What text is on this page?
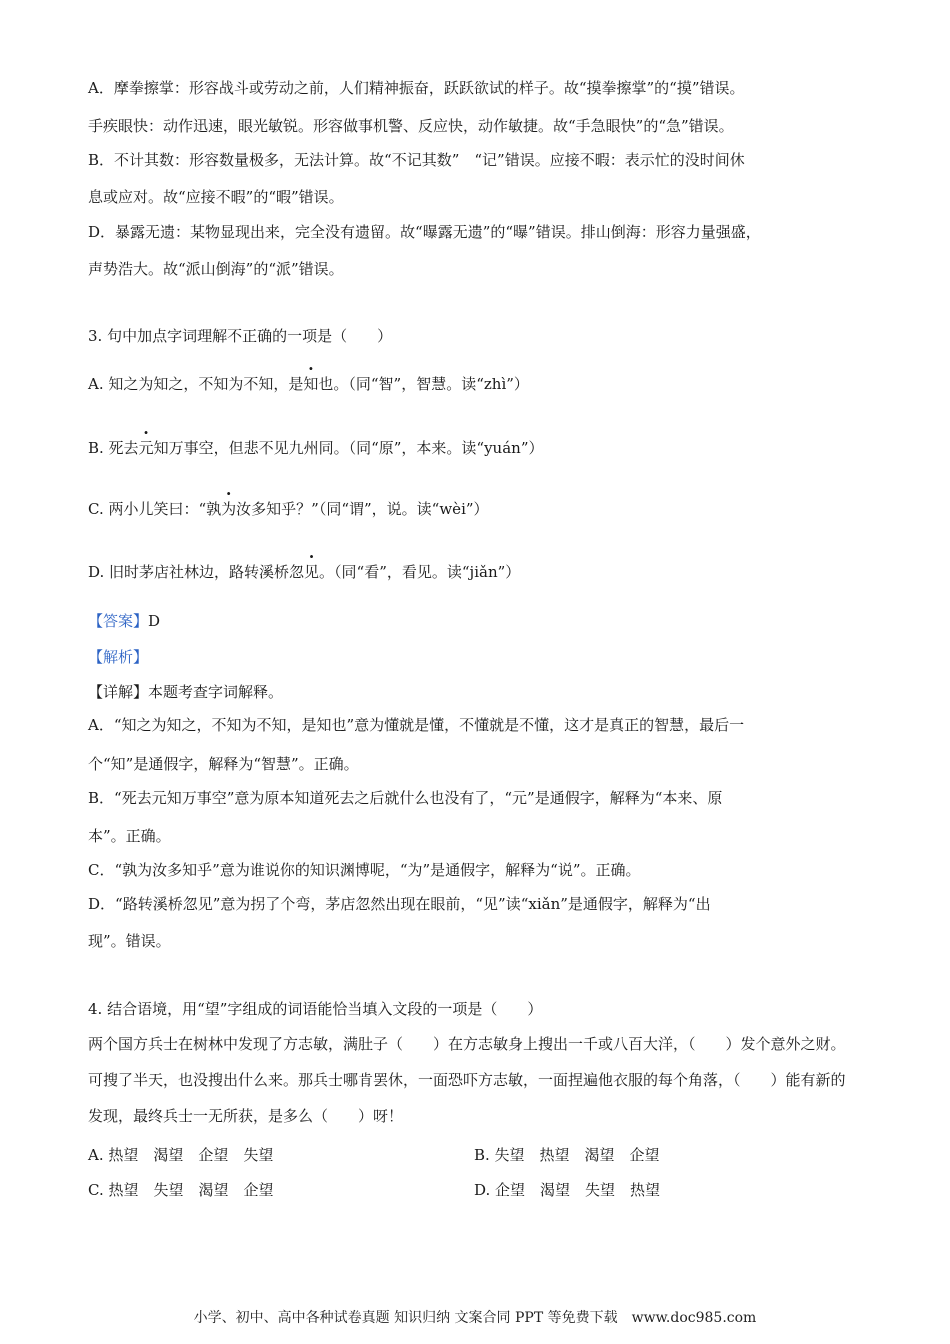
A．摩拳擦掌：形容战斗或劳动之前，人们精神振奋，跃跃欲试的样子。故“摸拳擦掌”的“摸”错误。
手疾眼快：动作迅速，眼光敏锐。形容做事机警、反应快，动作敏捷。故“手急眼快”的“急”错误。
B．不计其数：形容数量极多，无法计算。故“不记其数”　“记”错误。应接不暇：表示忙的没时间休
息或应对。故“应接不暇”的“暇”错误。
D．暴露无遗：某物显现出来，完全没有遗留。故“曝露无遗”的“曝”错误。排山倒海：形容力量强盛，
声势浩大。故“派山倒海”的“派”错误。
3. 句中加点字词理解不正确的一项是（　　）
A. 知之为知之，不知为不知，是知也。（同“智”，智慧。读“zhì”）
B. 死去元知万事空，但悲不见九州同。（同“原”，本来。读“yuán”）
C. 两小儿笑曰：“孰为汝多知乎？”（同“谓”，说。读“wèi”）
D. 旧时茅店社林边，路转溪桥忽见。（同“看”，看见。读“jiǎn”）
【答案】D
【解析】
【详解】本题考查字词解释。
A．“知之为知之，不知为不知，是知也”意为懂就是懂，不懂就是不懂，这才是真正的智慧，最后一
个“知”是通假字，解释为“智慧”。正确。
B．“死去元知万事空”意为原本知道死去之后就什么也没有了，“元”是通假字，解释为“本来、原
本”。正确。
C．“孰为汝多知乎”意为谁说你的知识渊博呢，“为”是通假字，解释为“说”。正确。
D．“路转溪桥忽见”意为拐了个弯，茅店忽然出现在眼前，“见”读“xiǎn”是通假字，解释为“出
现”。错误。
4. 结合语境，用“望”字组成的词语能恰当填入文段的一项是（　　）
两个国方兵士在树林中发现了方志敏，满肚子（　　）在方志敏身上搜出一千或八百大洋，（　　）发个意外之财。可搜了半天，也没搜出什么来。那兵士哪肯罢休，一面恐吓方志敏，一面捏遍他衣服的每个角落，（　　）能有新的发现，最终兵士一无所获，是多么（　　）呀！
A. 热望　渴望　企望　失望	B. 失望　热望　渴望　企望
C. 热望　失望　渴望　企望	D. 企望　渴望　失望　热望
小学、初中、高中各种试卷真题 知识归纳 文案合同 PPT 等免费下载　www.doc985.com
